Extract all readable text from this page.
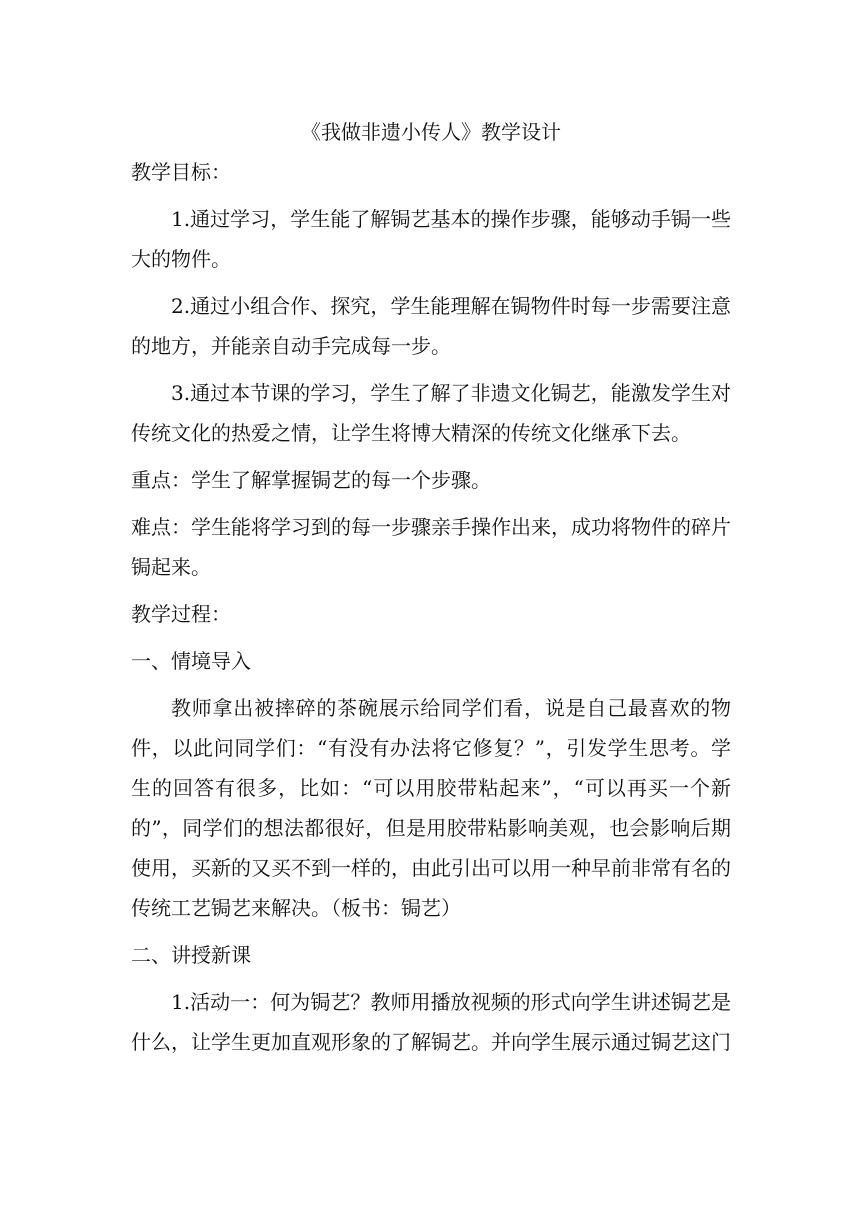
《我做非遗小传人》教学设计

教学目标：

1.通过学习，学生能了解锔艺基本的操作步骤，能够动手锔一些大的物件。

2.通过小组合作、探究，学生能理解在锔物件时每一步需要注意的地方，并能亲自动手完成每一步。

3.通过本节课的学习，学生了解了非遗文化锔艺，能激发学生对传统文化的热爱之情，让学生将博大精深的传统文化继承下去。

重点：学生了解掌握锔艺的每一个步骤。

难点：学生能将学习到的每一步骤亲手操作出来，成功将物件的碎片锔起来。

教学过程：

一、情境导入

教师拿出被摔碎的茶碗展示给同学们看，说是自己最喜欢的物件，以此问同学们：“有没有办法将它修复？”，引发学生思考。学生的回答有很多，比如：“可以用胶带粘起来”，“可以再买一个新的”，同学们的想法都很好，但是用胶带粘影响美观，也会影响后期使用，买新的又买不到一样的，由此引出可以用一种早前非常有名的传统工艺锔艺来解决。（板书：锔艺）

二、讲授新课

1.活动一：何为锔艺？教师用播放视频的形式向学生讲述锔艺是什么，让学生更加直观形象的了解锔艺。并向学生展示通过锔艺这门
